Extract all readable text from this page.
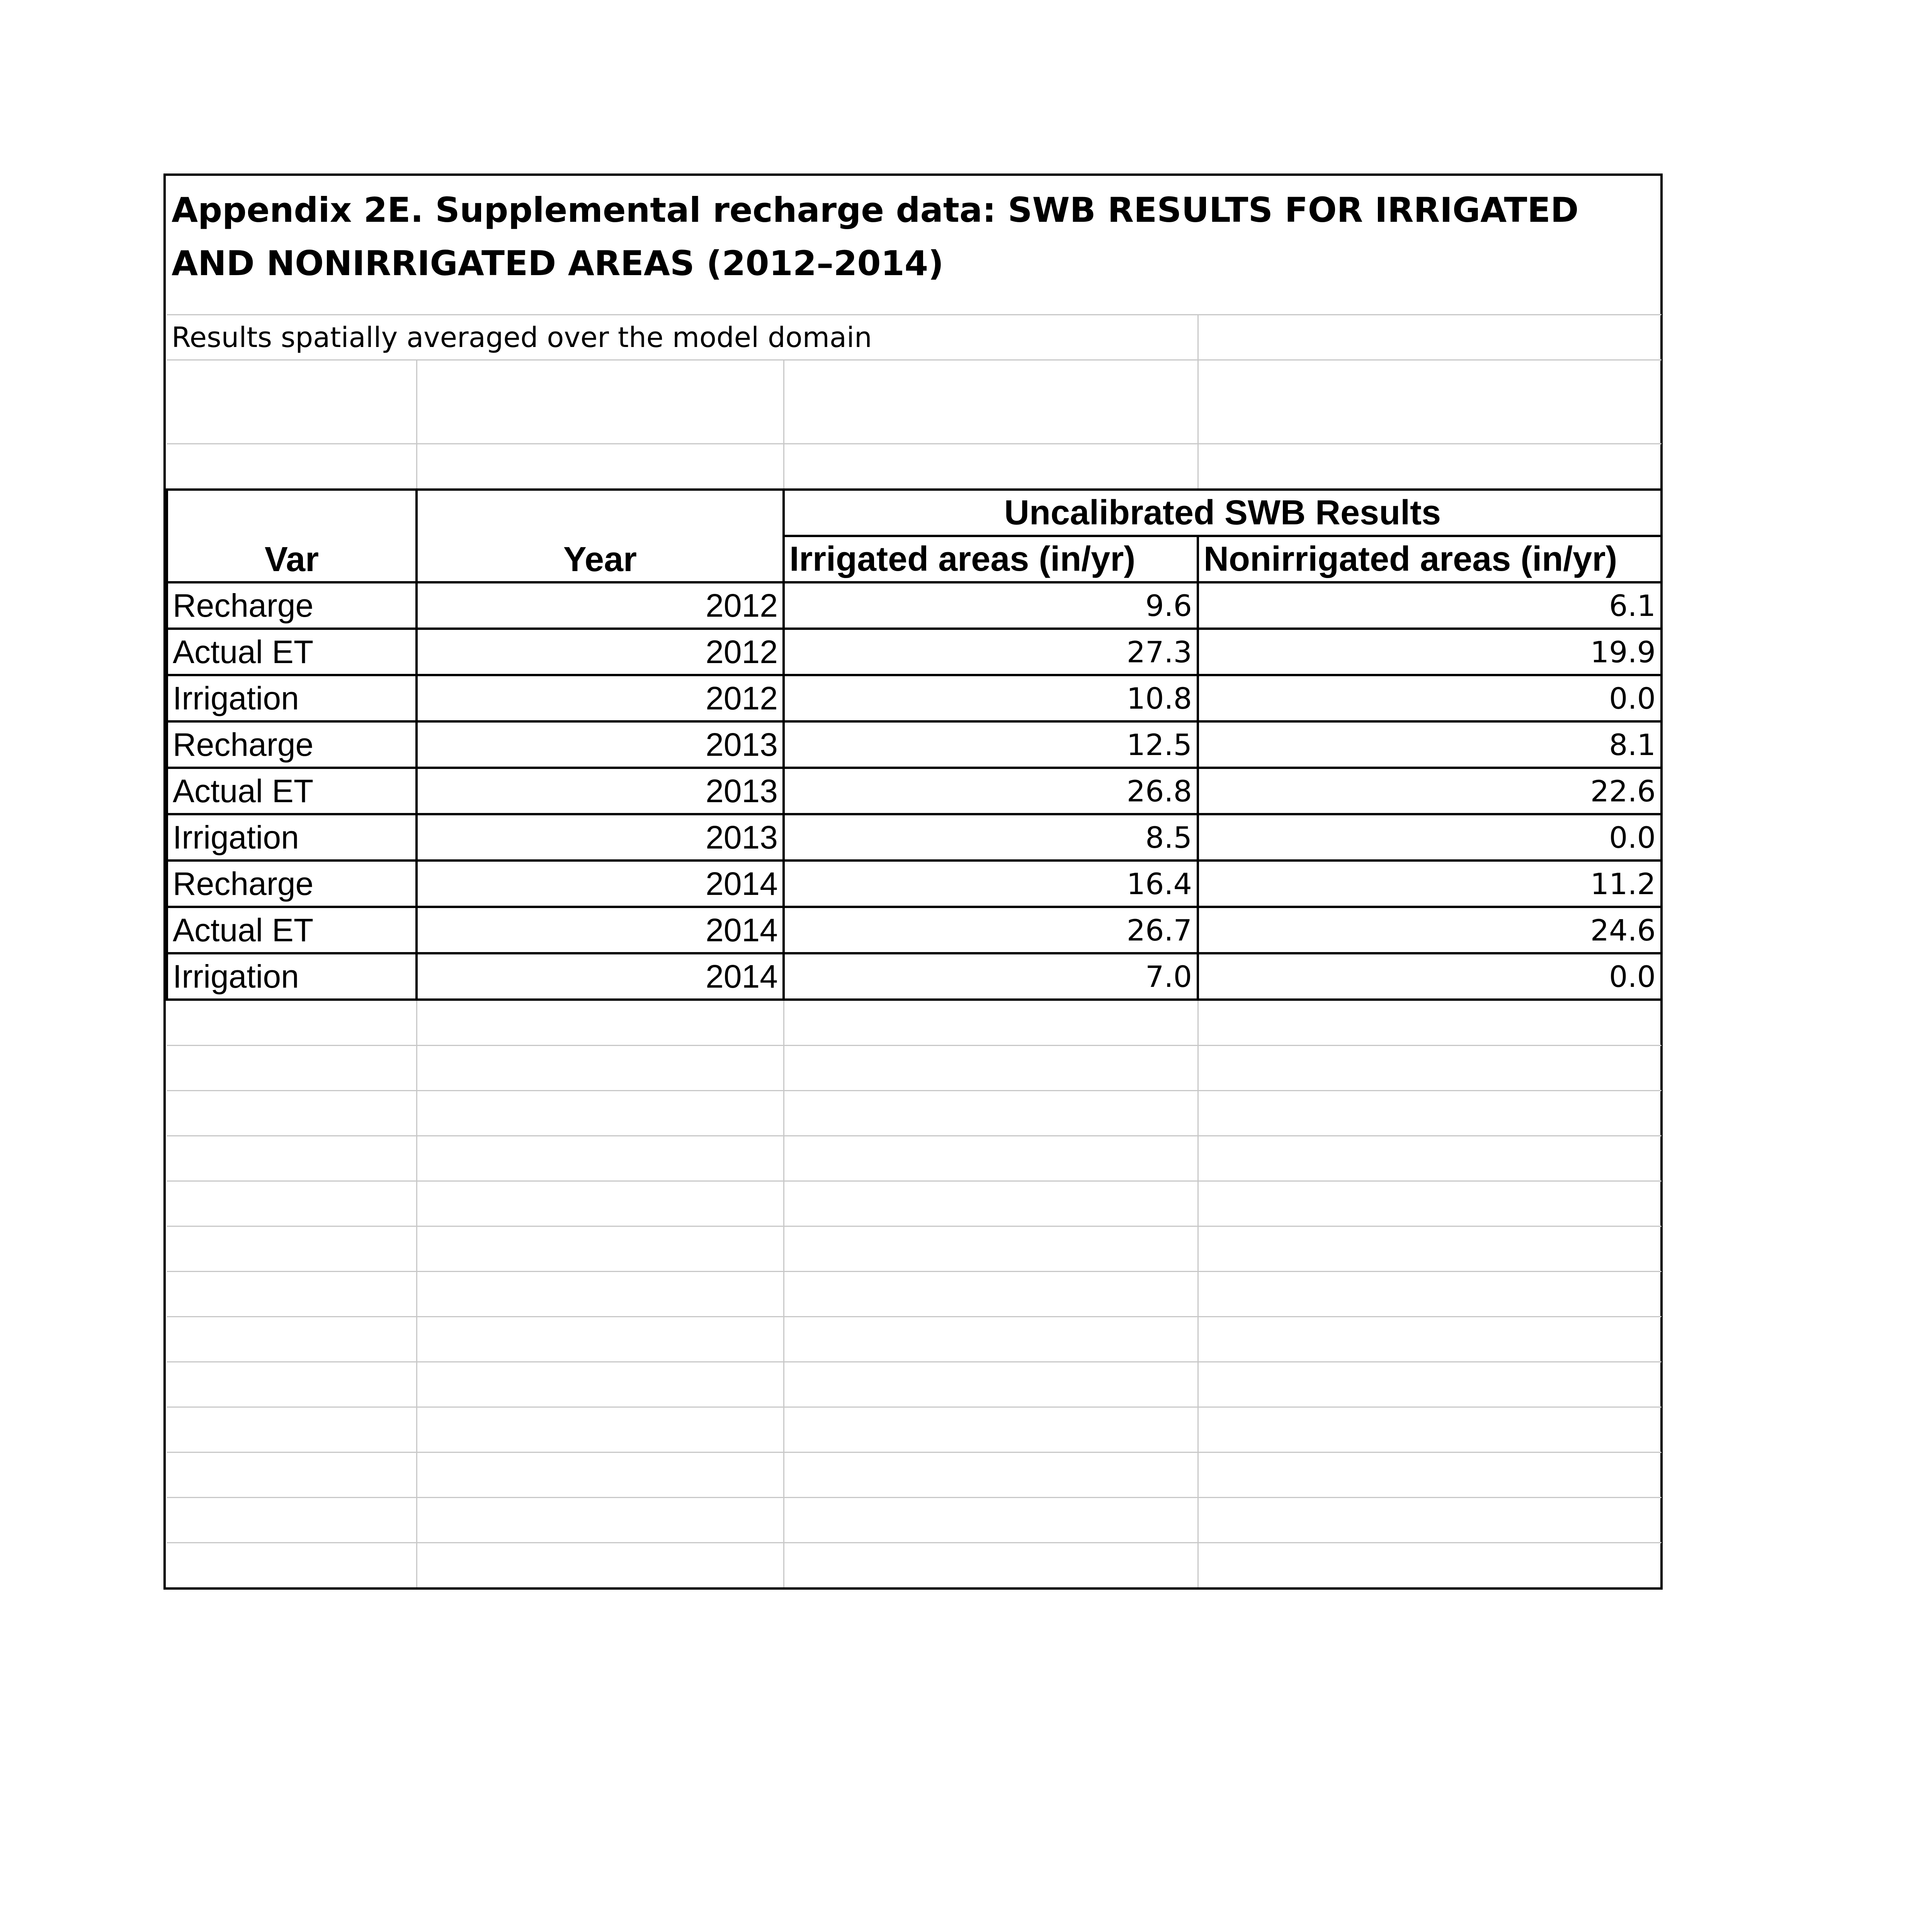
Appendix 2E. Supplemental recharge data: SWB RESULTS FOR IRRIGATED AND NONIRRIGATED AREAS (2012–2014)			
Results spatially averaged over the model domain			

Var	Year	Uncalibrated SWB Results	
		Irrigated areas (in/yr)	Nonirrigated areas (in/yr)
Recharge	2012	9.6	6.1
Actual ET	2012	27.3	19.9
Irrigation	2012	10.8	0.0
Recharge	2013	12.5	8.1
Actual ET	2013	26.8	22.6
Irrigation	2013	8.5	0.0
Recharge	2014	16.4	11.2
Actual ET	2014	26.7	24.6
Irrigation	2014	7.0	0.0
